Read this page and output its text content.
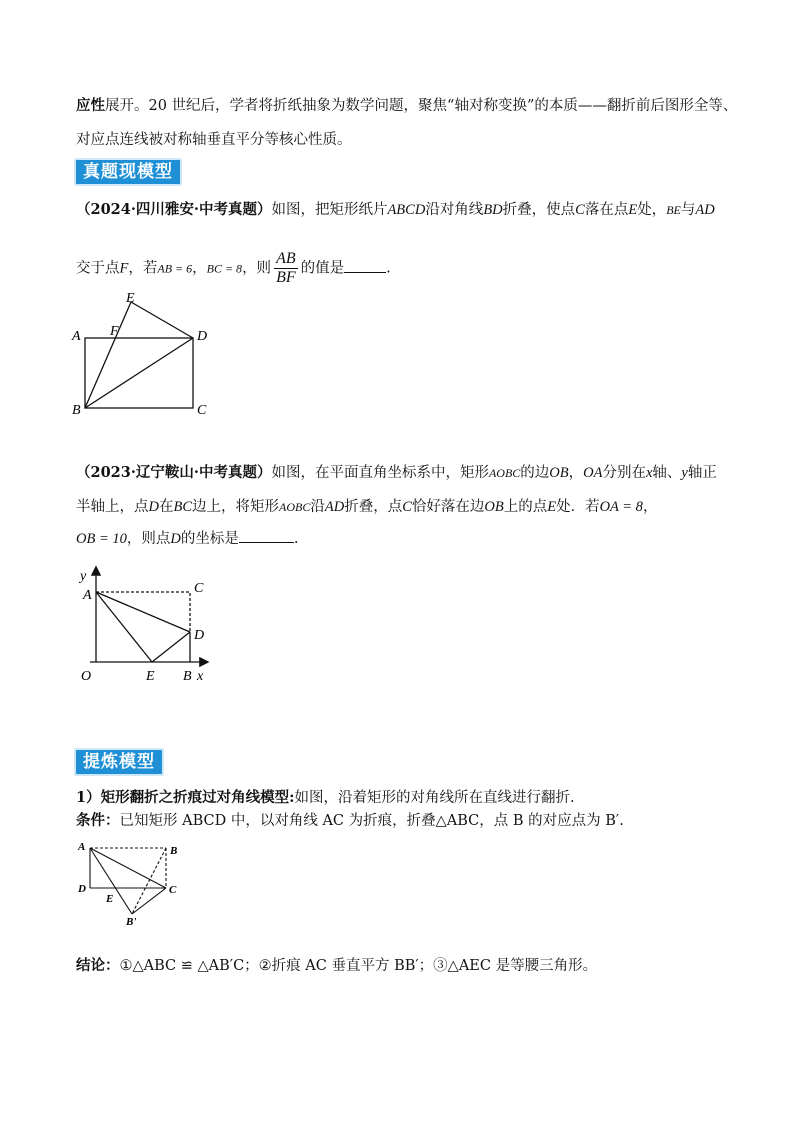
应性展开。20 世纪后，学者将折纸抽象为数学问题，聚焦“轴对称变换”的本质——翻折前后图形全等、
对应点连线被对称轴垂直平分等核心性质。
真题现模型
（2024·四川雅安·中考真题）如图，把矩形纸片ABCD沿对角线BD折叠，使点C落在点E处，BE与AD
交于点F，若AB = 6，BC = 8，则 $\frac{AB}{BF}$ 的值是	.
A F
E
D
B	C
（2023·辽宁鞍山·中考真题）如图，在平面直角坐标系中，矩形AOBC的边OB，OA分别在x轴、y轴正
半轴上，点D在BC边上，将矩形AOBC沿AD折叠，点C恰好落在边OB上的点E处．若OA = 8，
OB = 10，则点D的坐标是	.
y
A	C
D
O	E B x
提炼模型
1）矩形翻折之折痕过对角线模型:如图，沿着矩形的对角线所在直线进行翻折.
条件：已知矩形 ABCD 中，以对角线 AC 为折痕，折叠△ABC，点 B 的对应点为 B′.
A	B
D	C
E
B'
结论：①△ABC ≌ △AB′C；②折痕 AC 垂直平方 BB′；③△AEC 是等腰三角形。
